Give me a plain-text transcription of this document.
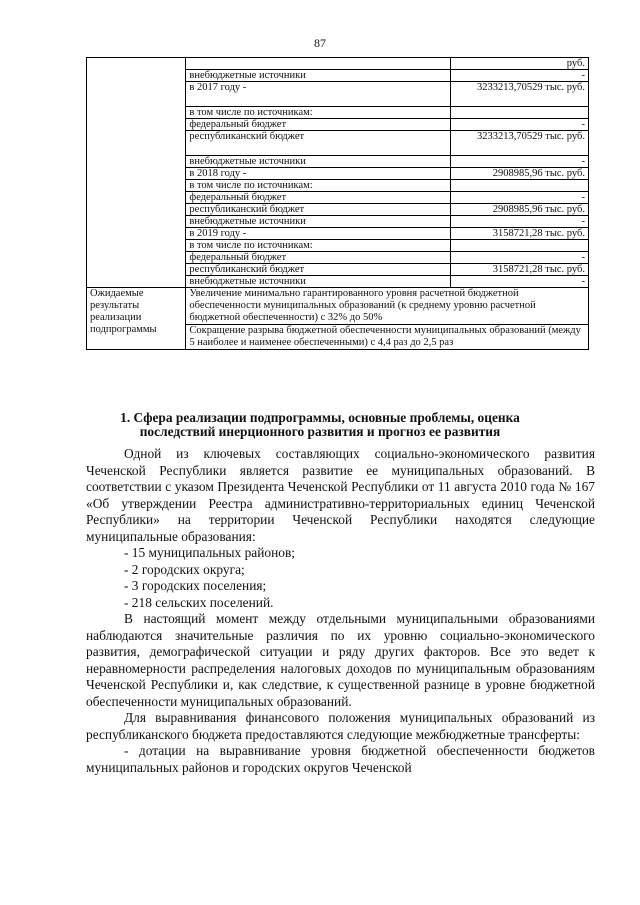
87
		руб.
	внебюджетные источники	-
	в 2017 году -	3233213,70529 тыс. руб.
	в том числе по источникам:	
	федеральный бюджет	-
	республиканский бюджет	3233213,70529 тыс. руб.
	внебюджетные источники	-
	в 2018 году -	2908985,96 тыс. руб.
	в том числе по источникам:	
	федеральный бюджет	-
	республиканский бюджет	2908985,96 тыс. руб.
	внебюджетные источники	-
	в 2019 году -	3158721,28 тыс. руб.
	в том числе по источникам:	
	федеральный бюджет	-
	республиканский бюджет	3158721,28 тыс. руб.
	внебюджетные источники	-
Ожидаемые результаты реализации подпрограммы	Увеличение минимально гарантированного уровня расчетной бюджетной обеспеченности муниципальных образований (к среднему уровню расчетной бюджетной обеспеченности) с 32% до 50%	
	Сокращение разрыва бюджетной обеспеченности муниципальных образований (между 5 наиболее и наименее обеспеченными) с 4,4 раз до 2,5 раз	
1. Сфера реализации подпрограммы, основные проблемы, оценка последствий инерционного развития и прогноз ее развития
Одной из ключевых составляющих социально-экономического развития Чеченской Республики является развитие ее муниципальных образований. В соответствии с указом Президента Чеченской Республики от 11 августа 2010 года № 167 «Об утверждении Реестра административно-территориальных единиц Чеченской Республики» на территории Чеченской Республики находятся следующие муниципальные образования:
- 15 муниципальных районов;
- 2 городских округа;
- 3 городских поселения;
- 218 сельских поселений.
В настоящий момент между отдельными муниципальными образованиями наблюдаются значительные различия по их уровню социально-экономического развития, демографической ситуации и ряду других факторов. Все это ведет к неравномерности распределения налоговых доходов по муниципальным образованиям Чеченской Республики и, как следствие, к существенной разнице в уровне бюджетной обеспеченности муниципальных образований.
Для выравнивания финансового положения муниципальных образований из республиканского бюджета предоставляются следующие межбюджетные трансферты:
- дотации на выравнивание уровня бюджетной обеспеченности бюджетов муниципальных районов и городских округов Чеченской
